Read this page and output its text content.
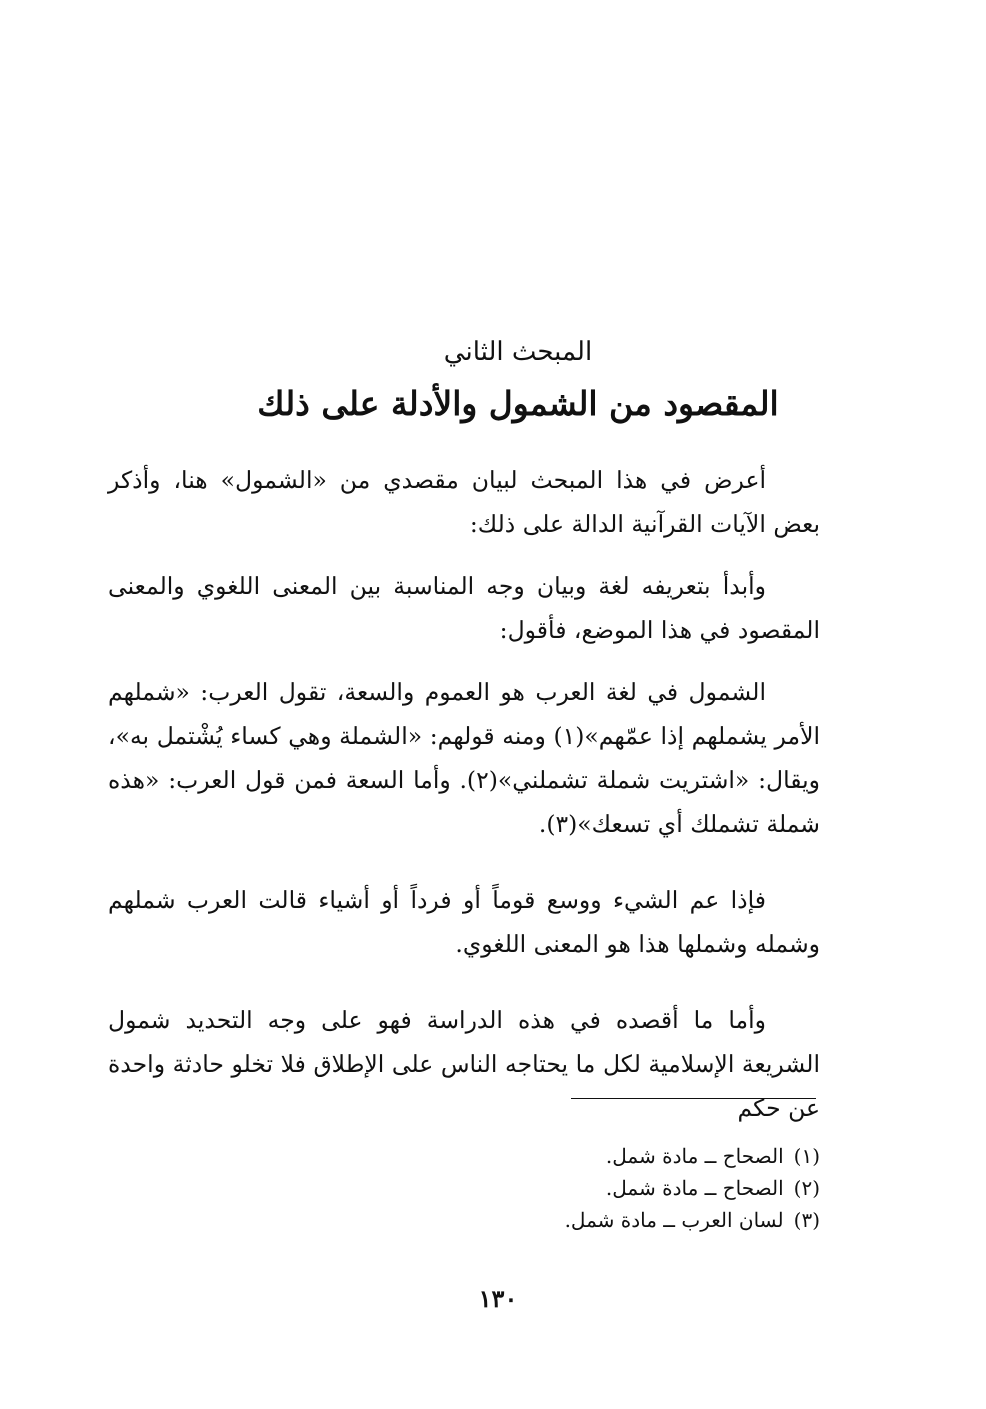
المبحث الثاني
المقصود من الشمول والأدلة على ذلك

أعرض في هذا المبحث لبيان مقصدي من «الشمول» هنا، وأذكر بعض الآيات القرآنية الدالة على ذلك:

وأبدأ بتعريفه لغة وبيان وجه المناسبة بين المعنى اللغوي والمعنى المقصود في هذا الموضع، فأقول:

الشمول في لغة العرب هو العموم والسعة، تقول العرب: «شملهم الأمر يشملهم إذا عمّهم»(١) ومنه قولهم: «الشملة وهي كساء يُشْتمل به»، ويقال: «اشتريت شملة تشملني»(٢). وأما السعة فمن قول العرب: «هذه شملة تشملك أي تسعك»(٣).

فإذا عم الشيء ووسع قوماً أو فرداً أو أشياء قالت العرب شملهم وشمله وشملها هذا هو المعنى اللغوي.

وأما ما أقصده في هذه الدراسة فهو على وجه التحديد شمول الشريعة الإسلامية لكل ما يحتاجه الناس على الإطلاق فلا تخلو حادثة واحدة عن حكم

(١)الصحاح ــ مادة شمل.
(٢)الصحاح ــ مادة شمل.
(٣)لسان العرب ــ مادة شمل.
١٣٠
